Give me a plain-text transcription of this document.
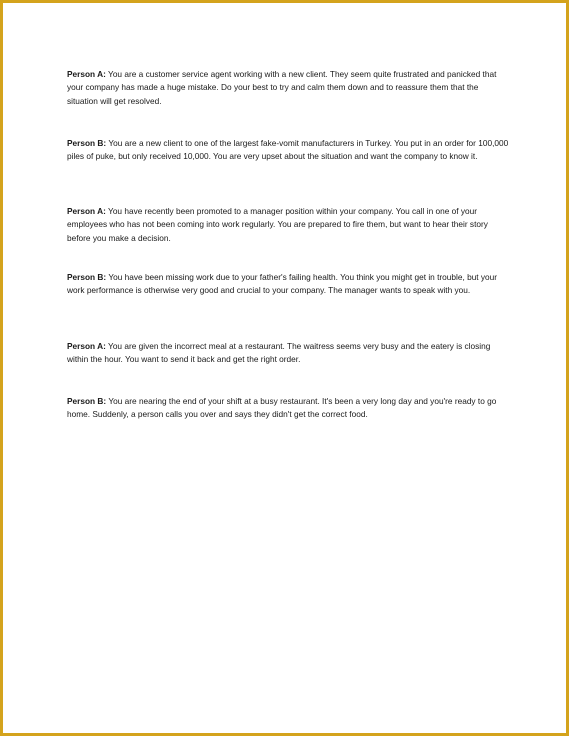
Person A: You are a customer service agent working with a new client. They seem quite frustrated and panicked that your company has made a huge mistake. Do your best to try and calm them down and to reassure them that the situation will get resolved.

Person B: You are a new client to one of the largest fake-vomit manufacturers in Turkey. You put in an order for 100,000 piles of puke, but only received 10,000. You are very upset about the situation and want the company to know it.

Person A: You have recently been promoted to a manager position within your company. You call in one of your employees who has not been coming into work regularly. You are prepared to fire them, but want to hear their story before you make a decision.

Person B: You have been missing work due to your father's failing health. You think you might get in trouble, but your work performance is otherwise very good and crucial to your company. The manager wants to speak with you.

Person A: You are given the incorrect meal at a restaurant. The waitress seems very busy and the eatery is closing within the hour. You want to send it back and get the right order.

Person B: You are nearing the end of your shift at a busy restaurant. It's been a very long day and you're ready to go home. Suddenly, a person calls you over and says they didn't get the correct food.
